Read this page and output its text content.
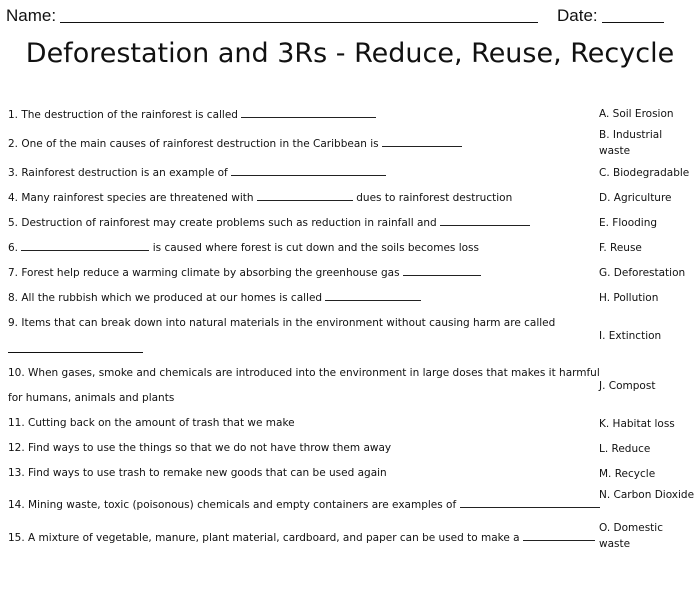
Name:	Date:
Deforestation and 3Rs - Reduce, Reuse, Recycle
1. The destruction of the rainforest is called
2. One of the main causes of rainforest destruction in the Caribbean is
3. Rainforest destruction is an example of
4. Many rainforest species are threatened with	dues to rainforest destruction
5. Destruction of rainforest may create problems such as reduction in rainfall and
6.	is caused where forest is cut down and the soils becomes loss
7. Forest help reduce a warming climate by absorbing the greenhouse gas
8. All the rubbish which we produced at our homes is called
9. Items that can break down into natural materials in the environment without causing harm are called
10. When gases, smoke and chemicals are introduced into the environment in large doses that makes it harmful
for humans, animals and plants
11. Cutting back on the amount of trash that we make
12. Find ways to use the things so that we do not have throw them away
13. Find ways to use trash to remake new goods that can be used again
14. Mining waste, toxic (poisonous) chemicals and empty containers are examples of
15. A mixture of vegetable, manure, plant material, cardboard, and paper can be used to make a
A. Soil Erosion
B. Industrial waste
C. Biodegradable
D. Agriculture
E. Flooding
F. Reuse
G. Deforestation
H. Pollution
I. Extinction
J. Compost
K. Habitat loss
L. Reduce
M. Recycle
N. Carbon Dioxide
O. Domestic waste
